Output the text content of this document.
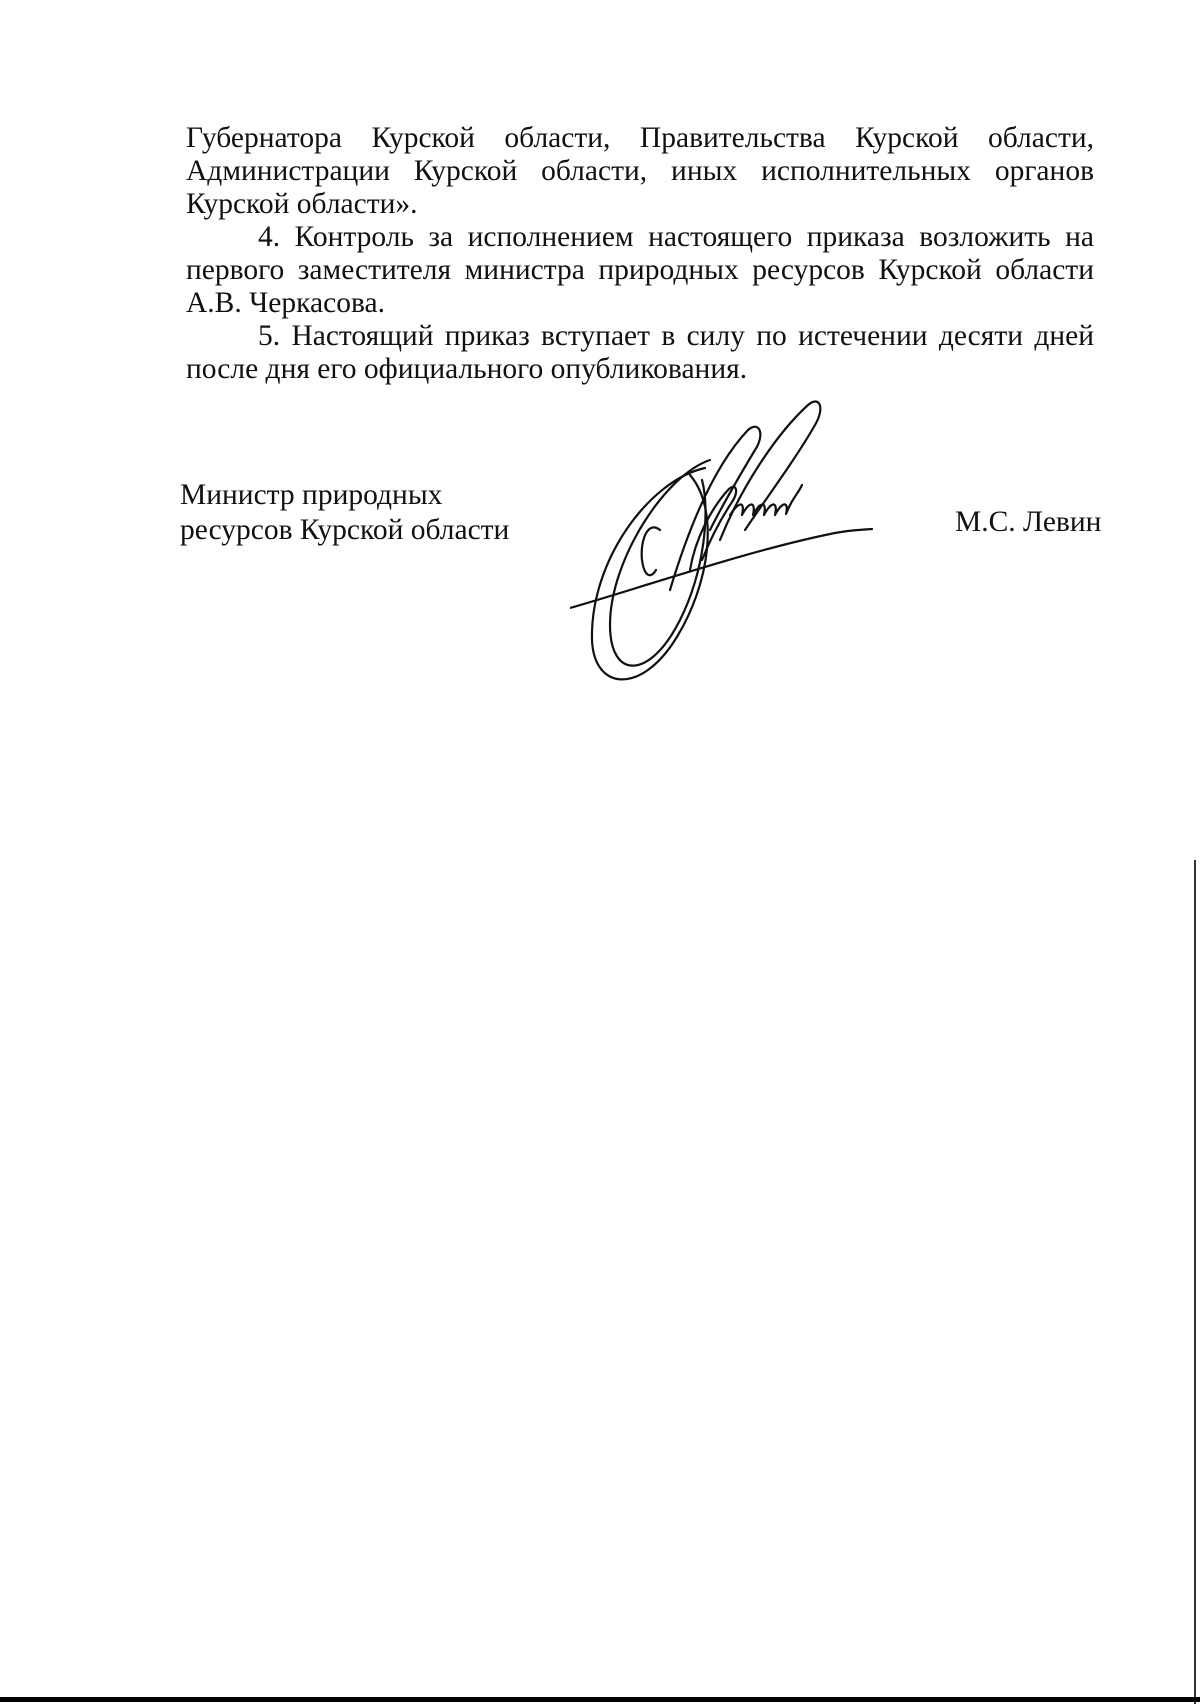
Губернатора Курской области, Правительства Курской области, Администрации Курской области, иных исполнительных органов Курской области».

4. Контроль за исполнением настоящего приказа возложить на первого заместителя министра природных ресурсов Курской области А.В. Черкасова.

5. Настоящий приказ вступает в силу по истечении десяти дней после дня его официального опубликования.

Министр природных
ресурсов Курской области	М.С. Левин
